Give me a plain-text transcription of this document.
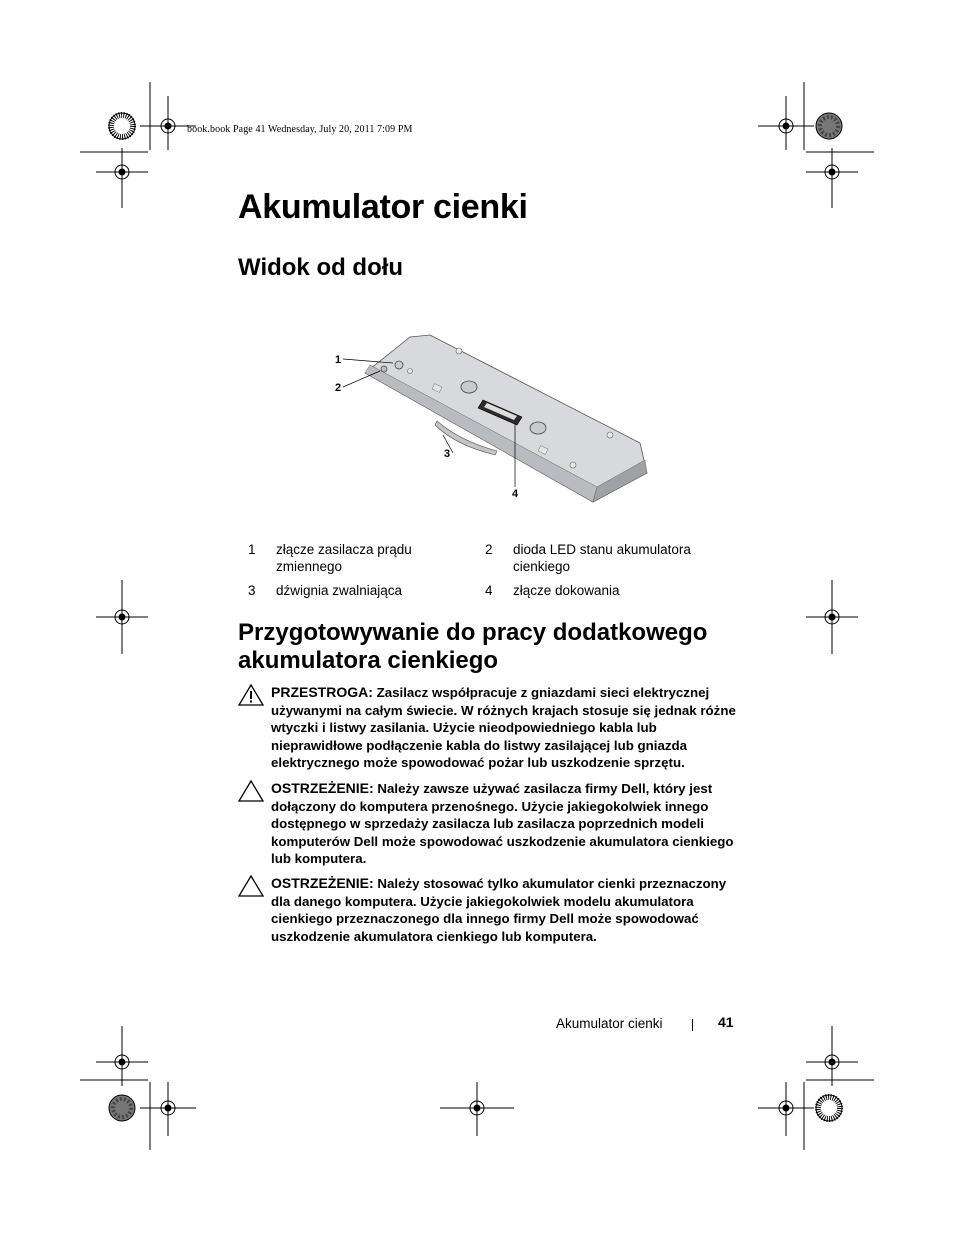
book.book Page 41 Wednesday, July 20, 2011 7:09 PM
Akumulator cienki
Widok od dołu
1
2
3
4
1 złącze zasilacza prądu zmiennego
2 dioda LED stanu akumulatora cienkiego
3 dźwignia zwalniająca	4 złącze dokowania
Przygotowywanie do pracy dodatkowego akumulatora cienkiego
PRZESTROGA: Zasilacz współpracuje z gniazdami sieci elektrycznej używanymi na całym świecie. W różnych krajach stosuje się jednak różne wtyczki i listwy zasilania. Użycie nieodpowiedniego kabla lub nieprawidłowe podłączenie kabla do listwy zasilającej lub gniazda elektrycznego może spowodować pożar lub uszkodzenie sprzętu.
OSTRZEŻENIE: Należy zawsze używać zasilacza firmy Dell, który jest dołączony do komputera przenośnego. Użycie jakiegokolwiek innego dostępnego w sprzedaży zasilacza lub zasilacza poprzednich modeli komputerów Dell może spowodować uszkodzenie akumulatora cienkiego lub komputera.
OSTRZEŻENIE: Należy stosować tylko akumulator cienki przeznaczony dla danego komputera. Użycie jakiegokolwiek modelu akumulatora cienkiego przeznaczonego dla innego firmy Dell może spowodować uszkodzenie akumulatora cienkiego lub komputera.
Akumulator cienki	41
